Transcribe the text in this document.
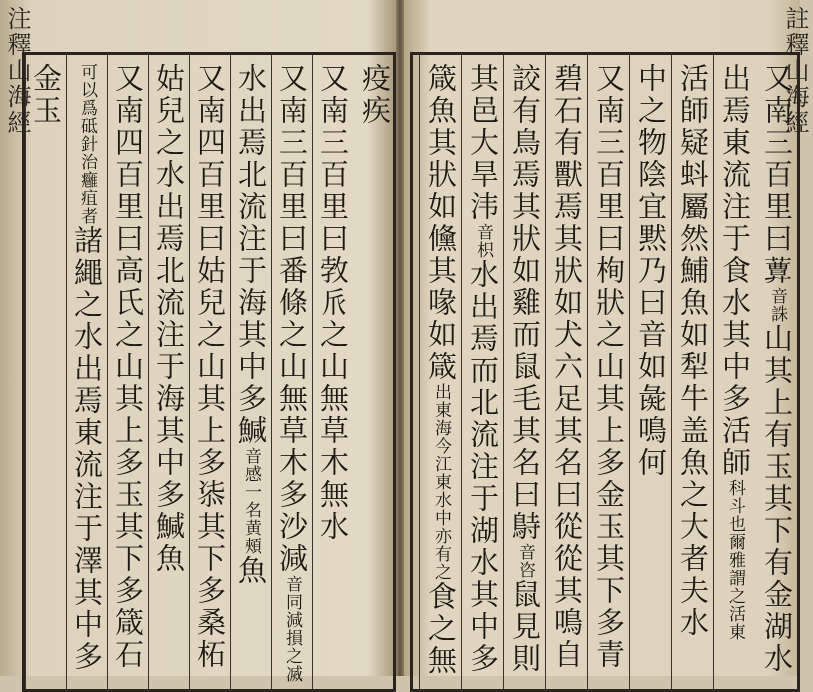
注釋山海經	疫疾
又南三百里曰㪍𠂢之山無草木無水
又南三百里曰番條之山無草木多沙減音同減損之㓕
水出焉北流注于海其中多鰔音感一名黄頰魚
又南四百里曰姑兒之山其上多㓒其下多桑柘
姑兒之水出焉北流注于海其中多鰔魚
又南四百里曰高氏之山其上多玉其下多箴石
可以爲砥針治癰疽者諸繩之水出焉東流注于澤其中多
金玉	又南三百里曰𦿩音誅山其上有玉其下有金湖水
出焉東流注于食水其中多活師科斗也爾雅謂之活東
活師疑蚪屬然鯆魚如犁牛盖魚之大者夫水
中之物陰宜黙乃曰音如彘鳴何
又南三百里曰栒狀之山其上多金玉其下多青
碧石有獸焉其狀如犬六足其名曰從從其鳴自
詨有鳥焉其狀如雞而鼠毛其名曰𪀔音咨鼠見則
其邑大旱𣲗音枳水出焉而北流注于湖水其中多
箴魚其狀如儵其喙如箴出東海今江東水中亦有之食之無
註釋山海經
